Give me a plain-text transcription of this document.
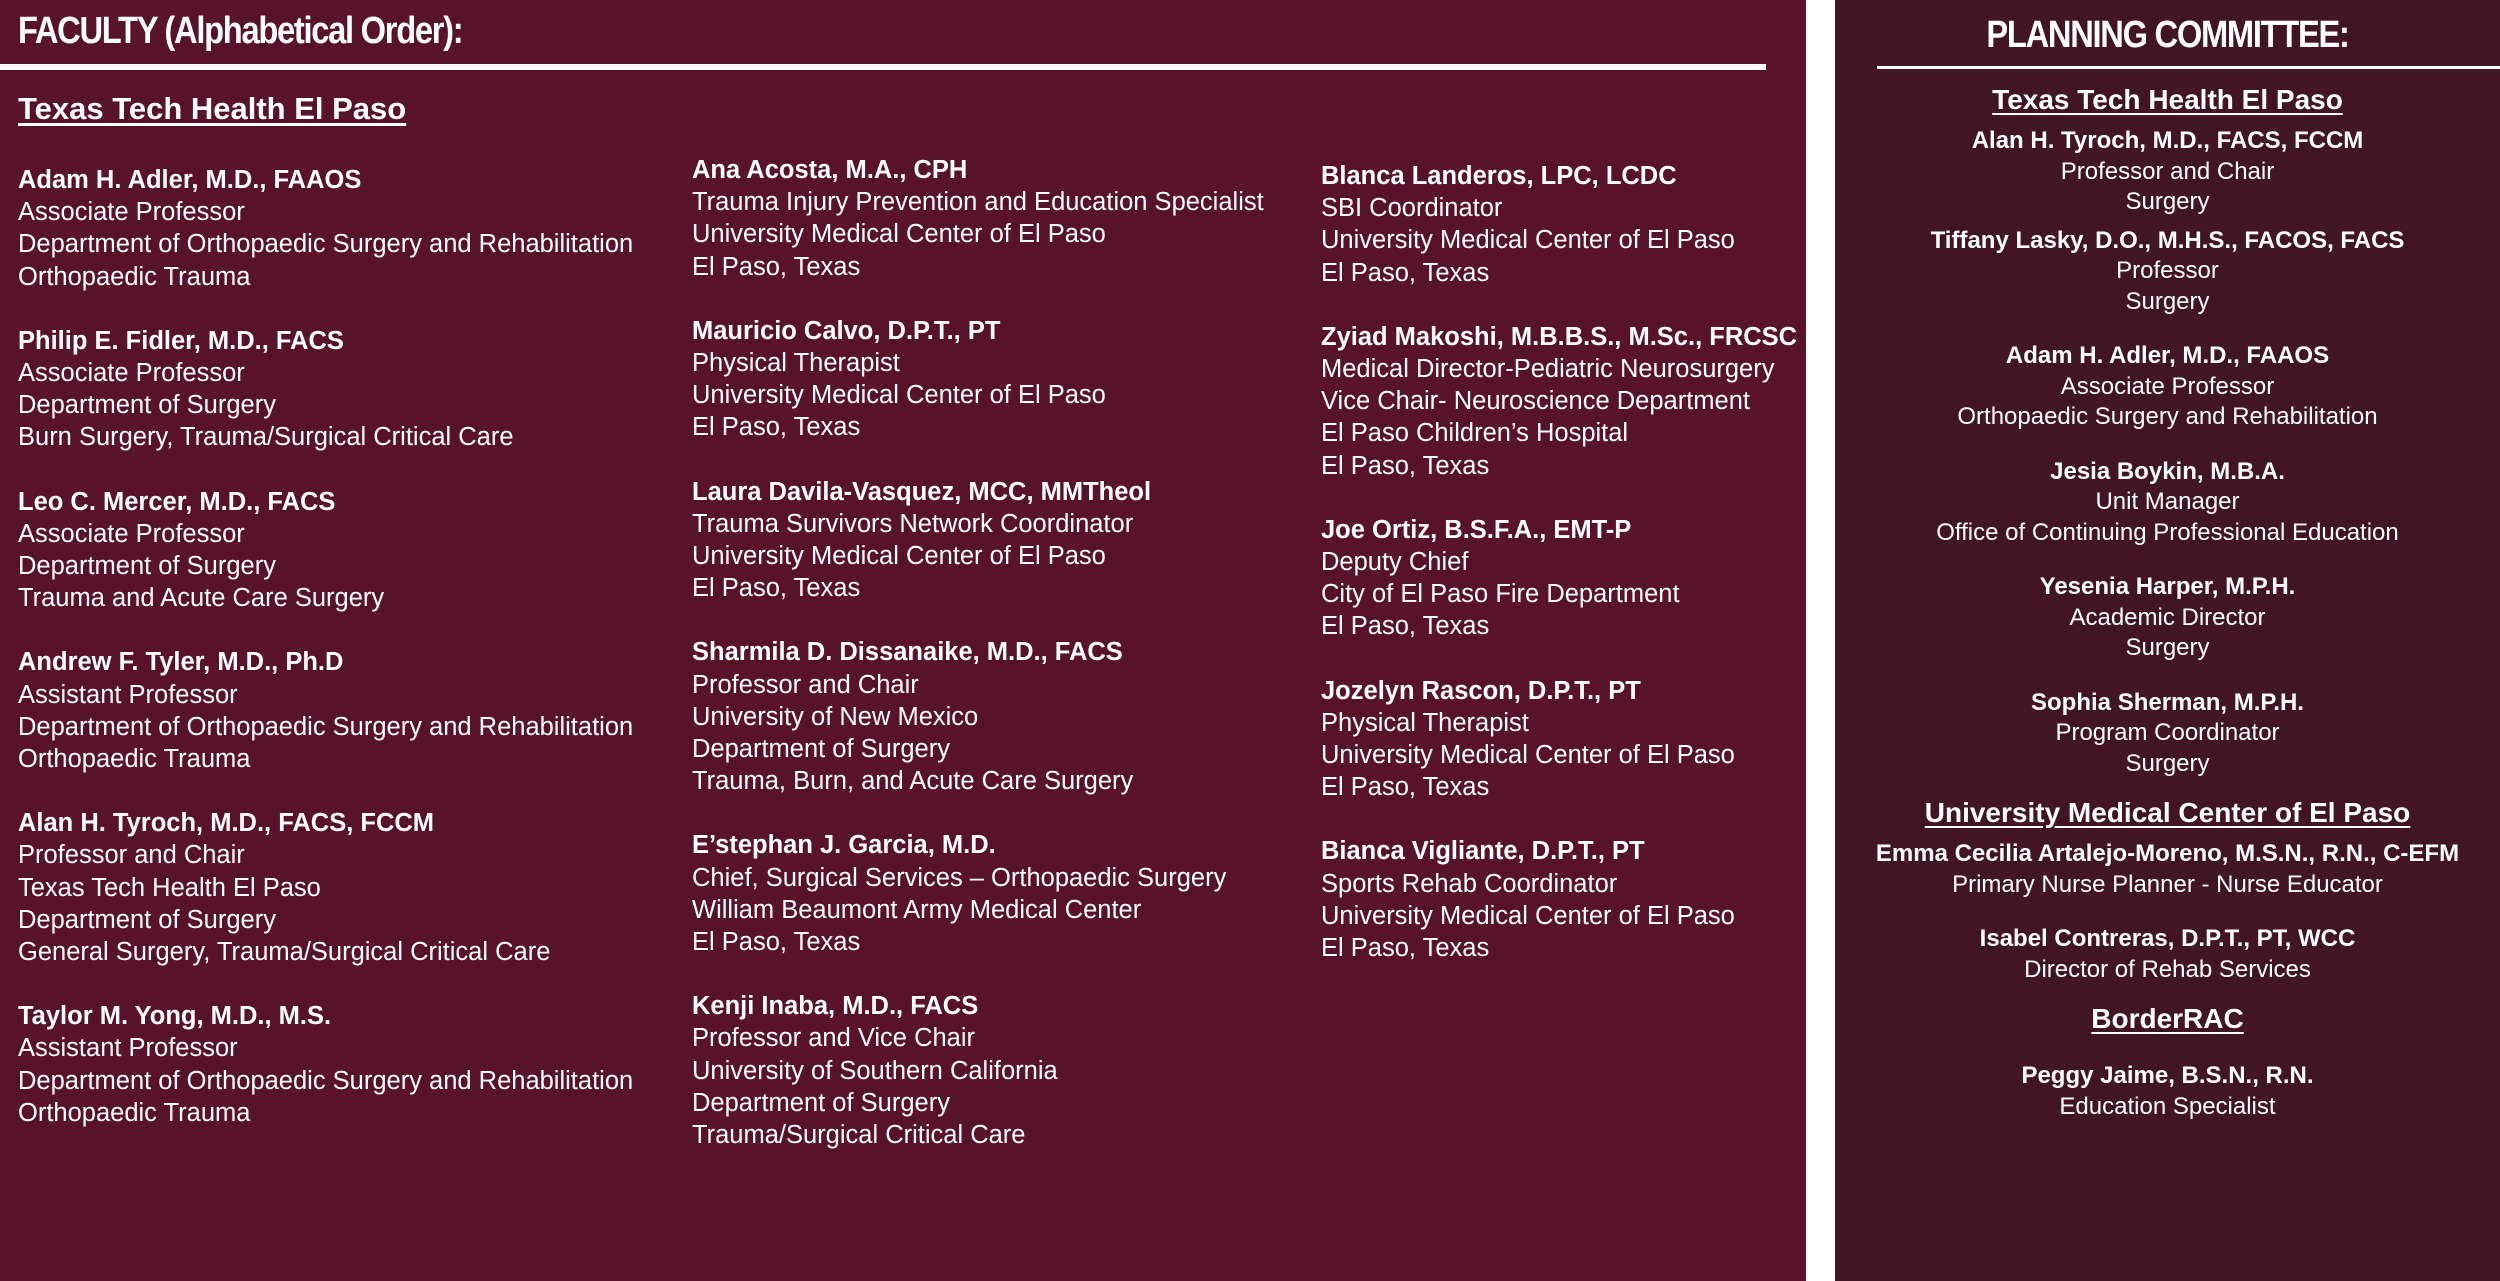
FACULTY (Alphabetical Order):
Texas Tech Health El Paso
Adam H. Adler, M.D., FAAOS
Associate Professor
Department of Orthopaedic Surgery and Rehabilitation
Orthopaedic Trauma
Philip E. Fidler, M.D., FACS
Associate Professor
Department of Surgery
Burn Surgery, Trauma/Surgical Critical Care
Leo C. Mercer, M.D., FACS
Associate Professor
Department of Surgery
Trauma and Acute Care Surgery
Andrew F. Tyler, M.D., Ph.D
Assistant Professor
Department of Orthopaedic Surgery and Rehabilitation
Orthopaedic Trauma
Alan H. Tyroch, M.D., FACS, FCCM
Professor and Chair
Texas Tech Health El Paso
Department of Surgery
General Surgery, Trauma/Surgical Critical Care
Taylor M. Yong, M.D., M.S.
Assistant Professor
Department of Orthopaedic Surgery and Rehabilitation
Orthopaedic Trauma
Ana Acosta, M.A., CPH
Trauma Injury Prevention and Education Specialist
University Medical Center of El Paso
El Paso, Texas
Mauricio Calvo, D.P.T., PT
Physical Therapist
University Medical Center of El Paso
El Paso, Texas
Laura Davila-Vasquez, MCC, MMTheol
Trauma Survivors Network Coordinator
University Medical Center of El Paso
El Paso, Texas
Sharmila D. Dissanaike, M.D., FACS
Professor and Chair
University of New Mexico
Department of Surgery
Trauma, Burn, and Acute Care Surgery
E’stephan J. Garcia, M.D.
Chief, Surgical Services – Orthopaedic Surgery
William Beaumont Army Medical Center
El Paso, Texas
Kenji Inaba, M.D., FACS
Professor and Vice Chair
University of Southern California
Department of Surgery
Trauma/Surgical Critical Care
Blanca Landeros, LPC, LCDC
SBI Coordinator
University Medical Center of El Paso
El Paso, Texas
Zyiad Makoshi, M.B.B.S., M.Sc., FRCSC
Medical Director-Pediatric Neurosurgery
Vice Chair- Neuroscience Department
El Paso Children’s Hospital
El Paso, Texas
Joe Ortiz, B.S.F.A., EMT-P
Deputy Chief
City of El Paso Fire Department
El Paso, Texas
Jozelyn Rascon, D.P.T., PT
Physical Therapist
University Medical Center of El Paso
El Paso, Texas
Bianca Vigliante, D.P.T., PT
Sports Rehab Coordinator
University Medical Center of El Paso
El Paso, Texas
PLANNING COMMITTEE:
Texas Tech Health El Paso
Alan H. Tyroch, M.D., FACS, FCCM
Professor and Chair
Surgery
Tiffany Lasky, D.O., M.H.S., FACOS, FACS
Professor
Surgery
Adam H. Adler, M.D., FAAOS
Associate Professor
Orthopaedic Surgery and Rehabilitation
Jesia Boykin, M.B.A.
Unit Manager
Office of Continuing Professional Education
Yesenia Harper, M.P.H.
Academic Director
Surgery
Sophia Sherman, M.P.H.
Program Coordinator
Surgery
University Medical Center of El Paso
Emma Cecilia Artalejo-Moreno, M.S.N., R.N., C-EFM
Primary Nurse Planner - Nurse Educator
Isabel Contreras, D.P.T., PT, WCC
Director of Rehab Services
BorderRAC
Peggy Jaime, B.S.N., R.N.
Education Specialist
